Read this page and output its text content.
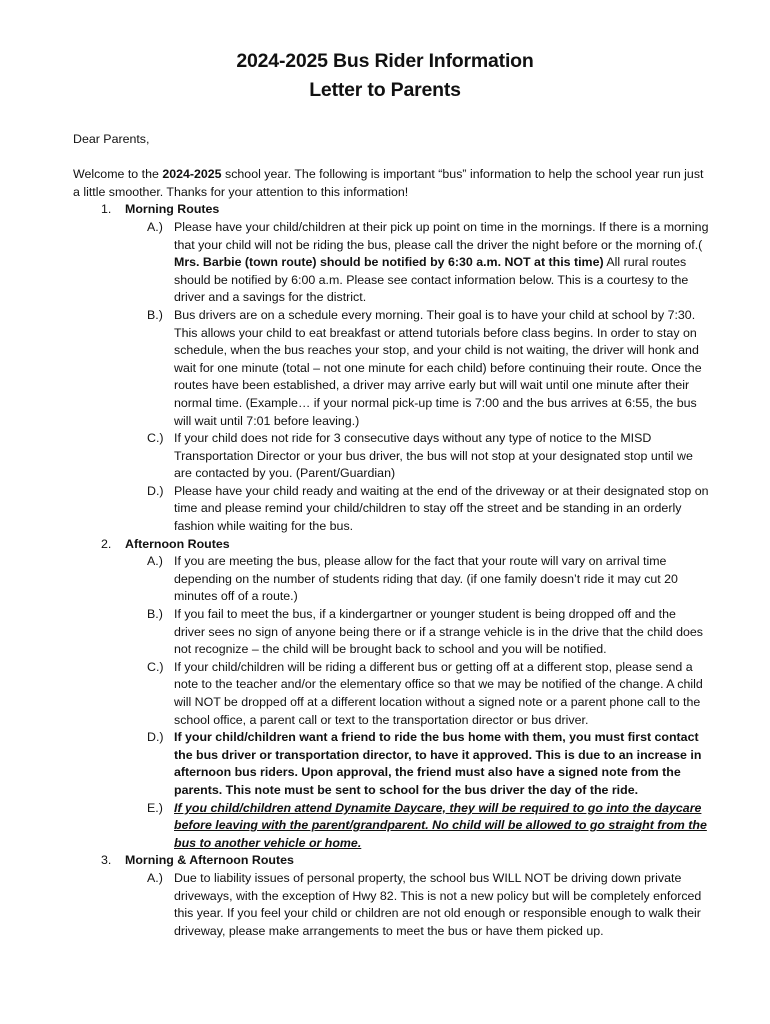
2024-2025 Bus Rider Information
Letter to Parents

Dear Parents,

Welcome to the 2024-2025 school year. The following is important “bus” information to help the school year run just a little smoother. Thanks for your attention to this information!

1.	Morning Routes
A.) Please have your child/children at their pick up point on time in the mornings. If there is a morning that your child will not be riding the bus, please call the driver the night before or the morning of.( Mrs. Barbie (town route) should be notified by 6:30 a.m. NOT at this time) All rural routes should be notified by 6:00 a.m. Please see contact information below. This is a courtesy to the driver and a savings for the district.
B.) Bus drivers are on a schedule every morning. Their goal is to have your child at school by 7:30. This allows your child to eat breakfast or attend tutorials before class begins. In order to stay on schedule, when the bus reaches your stop, and your child is not waiting, the driver will honk and wait for one minute (total – not one minute for each child) before continuing their route. Once the routes have been established, a driver may arrive early but will wait until one minute after their normal time. (Example… if your normal pick-up time is 7:00 and the bus arrives at 6:55, the bus will wait until 7:01 before leaving.)
C.) If your child does not ride for 3 consecutive days without any type of notice to the MISD Transportation Director or your bus driver, the bus will not stop at your designated stop until we are contacted by you. (Parent/Guardian)
D.) Please have your child ready and waiting at the end of the driveway or at their designated stop on time and please remind your child/children to stay off the street and be standing in an orderly fashion while waiting for the bus.
2.	Afternoon Routes
A.) If you are meeting the bus, please allow for the fact that your route will vary on arrival time depending on the number of students riding that day. (if one family doesn’t ride it may cut 20 minutes off of a route.)
B.) If you fail to meet the bus, if a kindergartner or younger student is being dropped off and the driver sees no sign of anyone being there or if a strange vehicle is in the drive that the child does not recognize – the child will be brought back to school and you will be notified.
C.) If your child/children will be riding a different bus or getting off at a different stop, please send a note to the teacher and/or the elementary office so that we may be notified of the change. A child will NOT be dropped off at a different location without a signed note or a parent phone call to the school office, a parent call or text to the transportation director or bus driver.
D.) If your child/children want a friend to ride the bus home with them, you must first contact the bus driver or transportation director, to have it approved. This is due to an increase in afternoon bus riders. Upon approval, the friend must also have a signed note from the parents. This note must be sent to school for the bus driver the day of the ride.
E.) If you child/children attend Dynamite Daycare, they will be required to go into the daycare before leaving with the parent/grandparent. No child will be allowed to go straight from the bus to another vehicle or home.
3.	Morning & Afternoon Routes
A.) Due to liability issues of personal property, the school bus WILL NOT be driving down private driveways, with the exception of Hwy 82. This is not a new policy but will be completely enforced this year. If you feel your child or children are not old enough or responsible enough to walk their driveway, please make arrangements to meet the bus or have them picked up.
